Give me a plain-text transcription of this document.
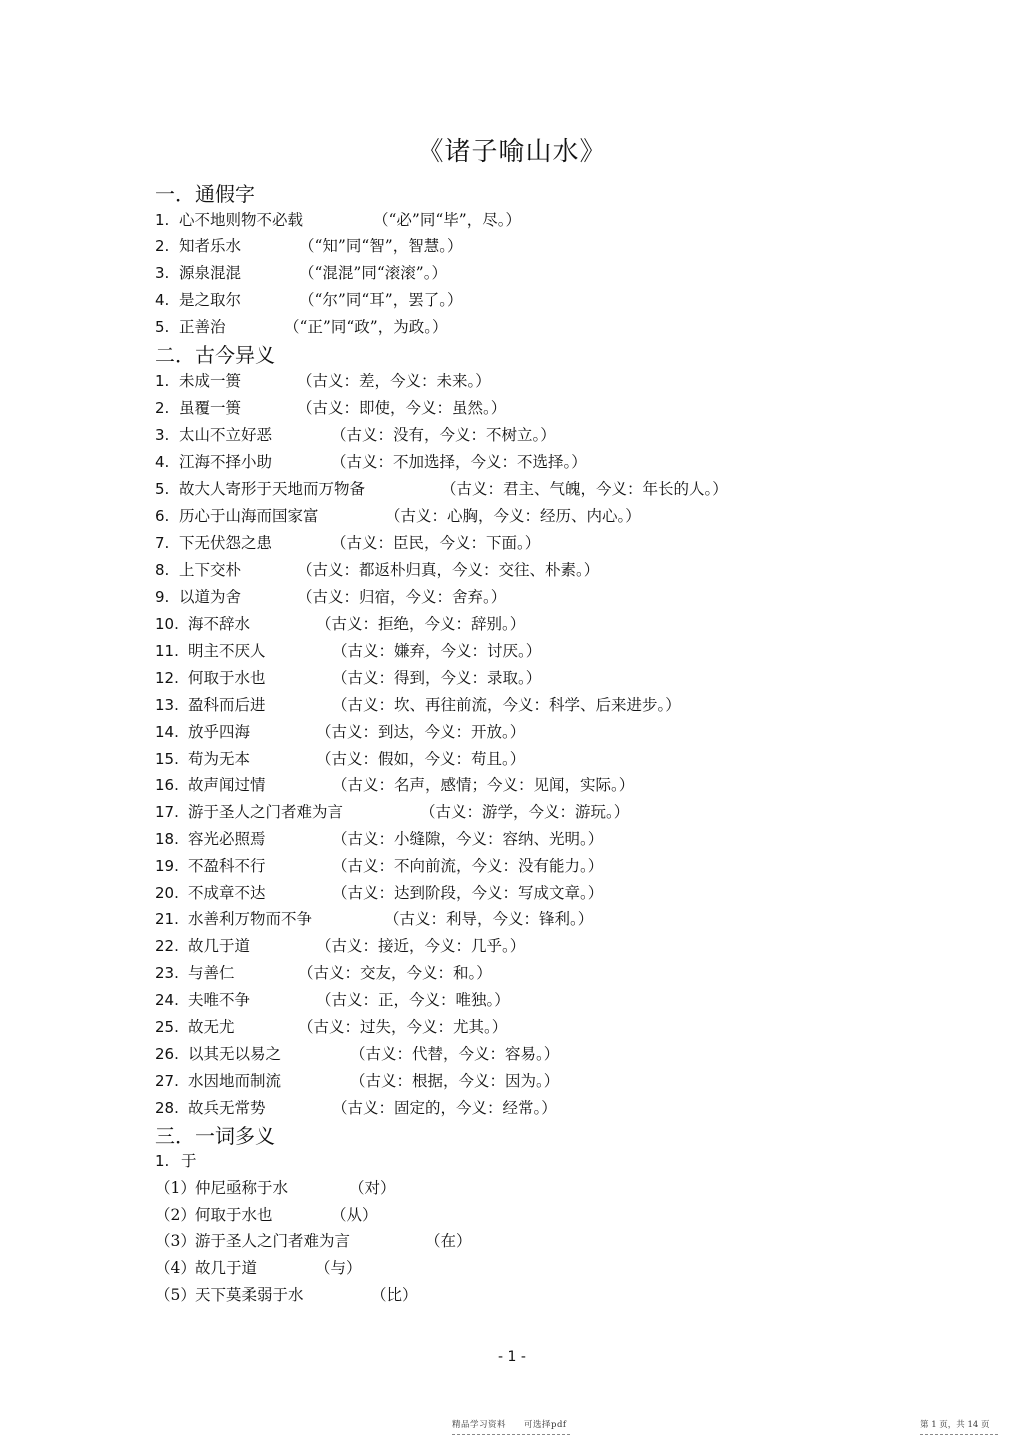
《诸子喻山水》
一．通假字
1. 心不地则物不必载	（“必”同“毕”，尽。）
2. 知者乐水	（“知”同“智”，智慧。）
3. 源泉混混	（“混混”同“滚滚”。）
4. 是之取尔	（“尔”同“耳”，罢了。）
5. 正善治	（“正”同“政”，为政。）
二．古今异义
1. 未成一篑	（古义：差，今义：未来。）
2. 虽覆一篑	（古义：即使，今义：虽然。）
3. 太山不立好恶	（古义：没有，今义：不树立。）
4. 江海不择小助	（古义：不加选择，今义：不选择。）
5. 故大人寄形于天地而万物备	（古义：君主、气魄，今义：年长的人。）
6. 历心于山海而国家富	（古义：心胸，今义：经历、内心。）
7. 下无伏怨之患	（古义：臣民，今义：下面。）
8. 上下交朴	（古义：都返朴归真，今义：交往、朴素。）
9. 以道为舍	（古义：归宿，今义：舍弃。）
10. 海不辞水	（古义：拒绝，今义：辞别。）
11. 明主不厌人	（古义：嫌弃，今义：讨厌。）
12. 何取于水也	（古义：得到，今义：录取。）
13. 盈科而后进	（古义：坎、再往前流，今义：科学、后来进步。）
14. 放乎四海	（古义：到达，今义：开放。）
15. 苟为无本	（古义：假如，今义：苟且。）
16. 故声闻过情	（古义：名声，感情；今义：见闻，实际。）
17. 游于圣人之门者难为言	（古义：游学，今义：游玩。）
18. 容光必照焉	（古义：小缝隙，今义：容纳、光明。）
19. 不盈科不行	（古义：不向前流，今义：没有能力。）
20. 不成章不达	（古义：达到阶段，今义：写成文章。）
21. 水善利万物而不争	（古义：利导，今义：锋利。）
22. 故几于道	（古义：接近，今义：几乎。）
23. 与善仁	（古义：交友，今义：和。）
24. 夫唯不争	（古义：正，今义：唯独。）
25. 故无尤	（古义：过失，今义：尤其。）
26. 以其无以易之	（古义：代替，今义：容易。）
27. 水因地而制流	（古义：根据，今义：因为。）
28. 故兵无常势	（古义：固定的，今义：经常。）
三．一词多义
1. 于
（1）仲尼亟称于水	（对）
（2）何取于水也	（从）
（3）游于圣人之门者难为言	（在）
（4）故几于道	（与）
（5）天下莫柔弱于水	（比）
- 1 -
精品学习资料　　可选择pdf	第 1 页，共 14 页
